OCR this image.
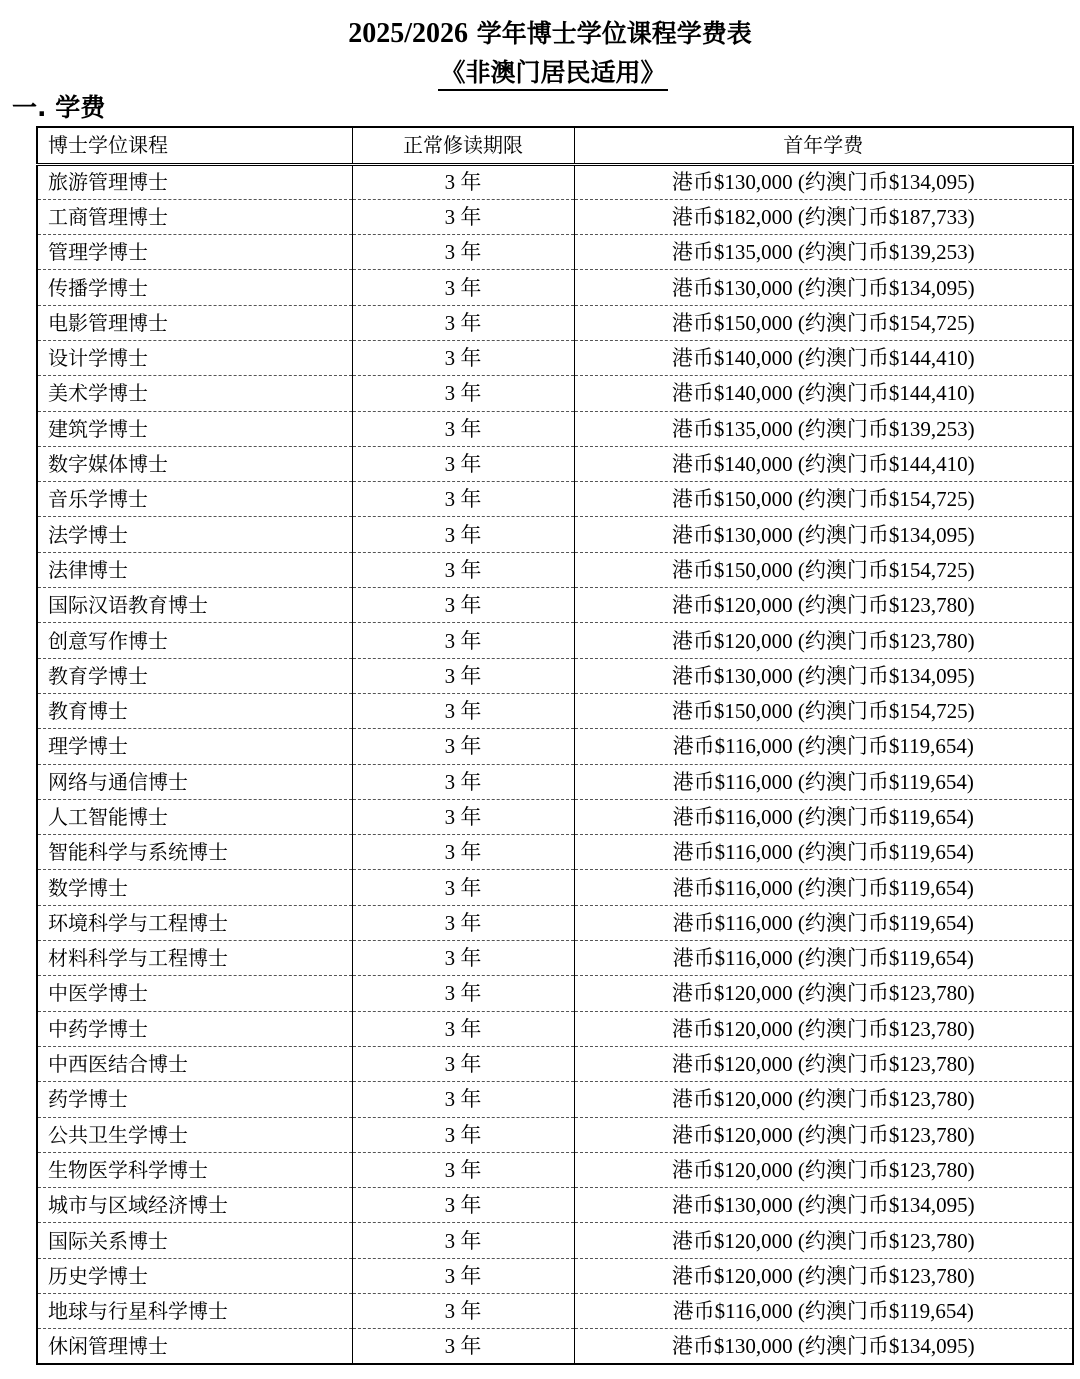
2025/2026 学年博士学位课程学费表
《非澳门居民适用》
一. 学费
博士学位课程	正常修读期限	首年学费
旅游管理博士	3 年	港币$130,000 (约澳门币$134,095)
工商管理博士	3 年	港币$182,000 (约澳门币$187,733)
管理学博士	3 年	港币$135,000 (约澳门币$139,253)
传播学博士	3 年	港币$130,000 (约澳门币$134,095)
电影管理博士	3 年	港币$150,000 (约澳门币$154,725)
设计学博士	3 年	港币$140,000 (约澳门币$144,410)
美术学博士	3 年	港币$140,000 (约澳门币$144,410)
建筑学博士	3 年	港币$135,000 (约澳门币$139,253)
数字媒体博士	3 年	港币$140,000 (约澳门币$144,410)
音乐学博士	3 年	港币$150,000 (约澳门币$154,725)
法学博士	3 年	港币$130,000 (约澳门币$134,095)
法律博士	3 年	港币$150,000 (约澳门币$154,725)
国际汉语教育博士	3 年	港币$120,000 (约澳门币$123,780)
创意写作博士	3 年	港币$120,000 (约澳门币$123,780)
教育学博士	3 年	港币$130,000 (约澳门币$134,095)
教育博士	3 年	港币$150,000 (约澳门币$154,725)
理学博士	3 年	港币$116,000 (约澳门币$119,654)
网络与通信博士	3 年	港币$116,000 (约澳门币$119,654)
人工智能博士	3 年	港币$116,000 (约澳门币$119,654)
智能科学与系统博士	3 年	港币$116,000 (约澳门币$119,654)
数学博士	3 年	港币$116,000 (约澳门币$119,654)
环境科学与工程博士	3 年	港币$116,000 (约澳门币$119,654)
材料科学与工程博士	3 年	港币$116,000 (约澳门币$119,654)
中医学博士	3 年	港币$120,000 (约澳门币$123,780)
中药学博士	3 年	港币$120,000 (约澳门币$123,780)
中西医结合博士	3 年	港币$120,000 (约澳门币$123,780)
药学博士	3 年	港币$120,000 (约澳门币$123,780)
公共卫生学博士	3 年	港币$120,000 (约澳门币$123,780)
生物医学科学博士	3 年	港币$120,000 (约澳门币$123,780)
城市与区域经济博士	3 年	港币$130,000 (约澳门币$134,095)
国际关系博士	3 年	港币$120,000 (约澳门币$123,780)
历史学博士	3 年	港币$120,000 (约澳门币$123,780)
地球与行星科学博士	3 年	港币$116,000 (约澳门币$119,654)
休闲管理博士	3 年	港币$130,000 (约澳门币$134,095)
